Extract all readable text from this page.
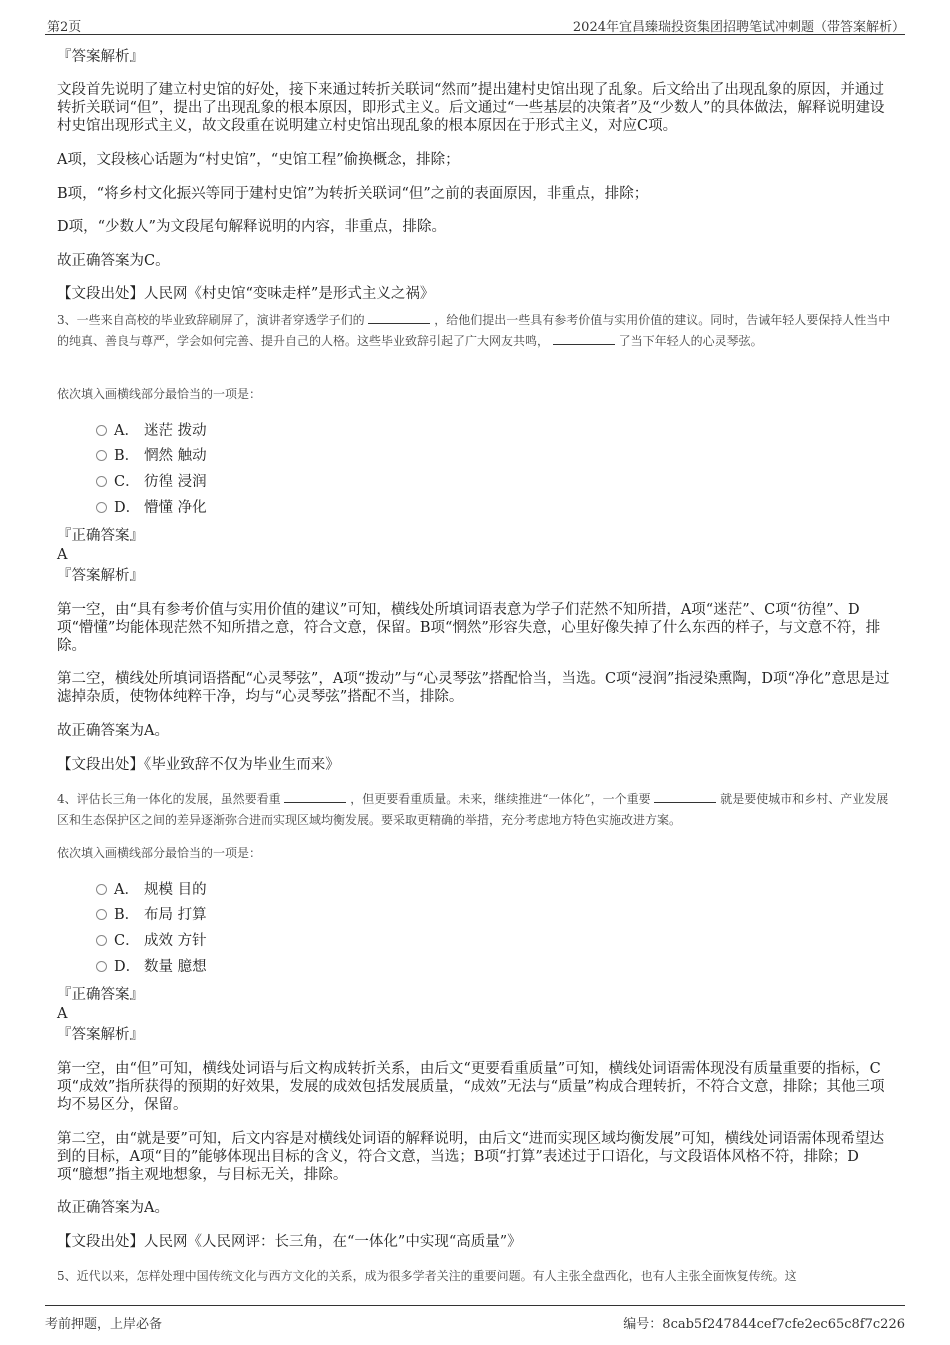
第2页	2024年宜昌臻瑞投资集团招聘笔试冲刺题（带答案解析）
『答案解析』
文段首先说明了建立村史馆的好处，接下来通过转折关联词“然而”提出建村史馆出现了乱象。后文给出了出现乱象的原因，并通过转折关联词“但”，提出了出现乱象的根本原因，即形式主义。后文通过“一些基层的决策者”及“少数人”的具体做法，解释说明建设村史馆出现形式主义，故文段重在说明建立村史馆出现乱象的根本原因在于形式主义，对应C项。
A项，文段核心话题为“村史馆”，“史馆工程”偷换概念，排除；
B项，“将乡村文化振兴等同于建村史馆”为转折关联词“但”之前的表面原因，非重点，排除；
D项，“少数人”为文段尾句解释说明的内容，非重点，排除。
故正确答案为C。
【文段出处】人民网《村史馆“变味走样”是形式主义之祸》
3、一些来自高校的毕业致辞刷屏了，演讲者穿透学子们的	，给他们提出一些具有参考价值与实用价值的建议。同时，告诫年轻人要保持人性当中的纯真、善良与尊严，学会如何完善、提升自己的人格。这些毕业致辞引起了广大网友共鸣，	了当下年轻人的心灵琴弦。
依次填入画横线部分最恰当的一项是：
A． 迷茫 拨动
B． 惘然 触动
C． 彷徨 浸润
D． 懵懂 净化
『正确答案』
A
『答案解析』
第一空，由“具有参考价值与实用价值的建议”可知，横线处所填词语表意为学子们茫然不知所措，A项“迷茫”、C项“彷徨”、D项“懵懂”均能体现茫然不知所措之意，符合文意，保留。B项“惘然”形容失意，心里好像失掉了什么东西的样子，与文意不符，排除。
第二空，横线处所填词语搭配“心灵琴弦”，A项“拨动”与“心灵琴弦”搭配恰当，当选。C项“浸润”指浸染熏陶，D项“净化”意思是过滤掉杂质，使物体纯粹干净，均与“心灵琴弦”搭配不当，排除。
故正确答案为A。
【文段出处】《毕业致辞不仅为毕业生而来》
4、评估长三角一体化的发展，虽然要看重	，但更要看重质量。未来，继续推进“一体化”，一个重要	就是要使城市和乡村、产业发展区和生态保护区之间的差异逐渐弥合进而实现区域均衡发展。要采取更精确的举措，充分考虑地方特色实施改进方案。
依次填入画横线部分最恰当的一项是：
A． 规模 目的
B． 布局 打算
C． 成效 方针
D． 数量 臆想
『正确答案』
A
『答案解析』
第一空，由“但”可知，横线处词语与后文构成转折关系，由后文“更要看重质量”可知，横线处词语需体现没有质量重要的指标，C项“成效”指所获得的预期的好效果，发展的成效包括发展质量，“成效”无法与“质量”构成合理转折，不符合文意，排除；其他三项均不易区分，保留。
第二空，由“就是要”可知，后文内容是对横线处词语的解释说明，由后文“进而实现区域均衡发展”可知，横线处词语需体现希望达到的目标，A项“目的”能够体现出目标的含义，符合文意，当选；B项“打算”表述过于口语化，与文段语体风格不符，排除；D项“臆想”指主观地想象，与目标无关，排除。
故正确答案为A。
【文段出处】人民网《人民网评：长三角，在“一体化”中实现“高质量”》
5、近代以来，怎样处理中国传统文化与西方文化的关系，成为很多学者关注的重要问题。有人主张全盘西化，也有人主张全面恢复传统。这
考前押题，上岸必备	编号：8cab5f247844cef7cfe2ec65c8f7c226
